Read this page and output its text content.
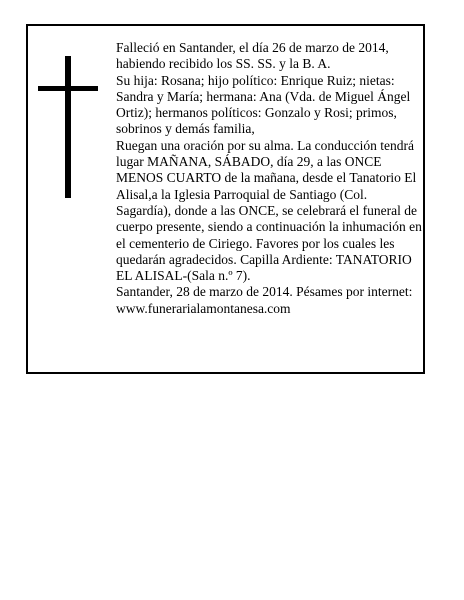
Falleció en Santander, el día 26 de marzo de 2014, habiendo recibido los SS. SS. y la B. A.

Su hija: Rosana; hijo político: Enrique Ruiz; nietas: Sandra y María; hermana: Ana (Vda. de Miguel Ángel Ortiz); hermanos políticos: Gonzalo y Rosi; primos, sobrinos y demás familia,

Ruegan una oración por su alma. La conducción tendrá lugar MAÑANA, SÁBADO, día 29, a las ONCE MENOS CUARTO de la mañana, desde el Tanatorio El Alisal,a la Iglesia Parroquial de Santiago (Col. Sagardía), donde a las ONCE, se celebrará el funeral de cuerpo presente, siendo a continuación la inhumación en el cementerio de Ciriego. Favores por los cuales les quedarán agradecidos. Capilla Ardiente: TANATORIO EL ALISAL-(Sala n.º 7).

Santander, 28 de marzo de 2014. Pésames por internet: www.funerarialamontanesa.com
